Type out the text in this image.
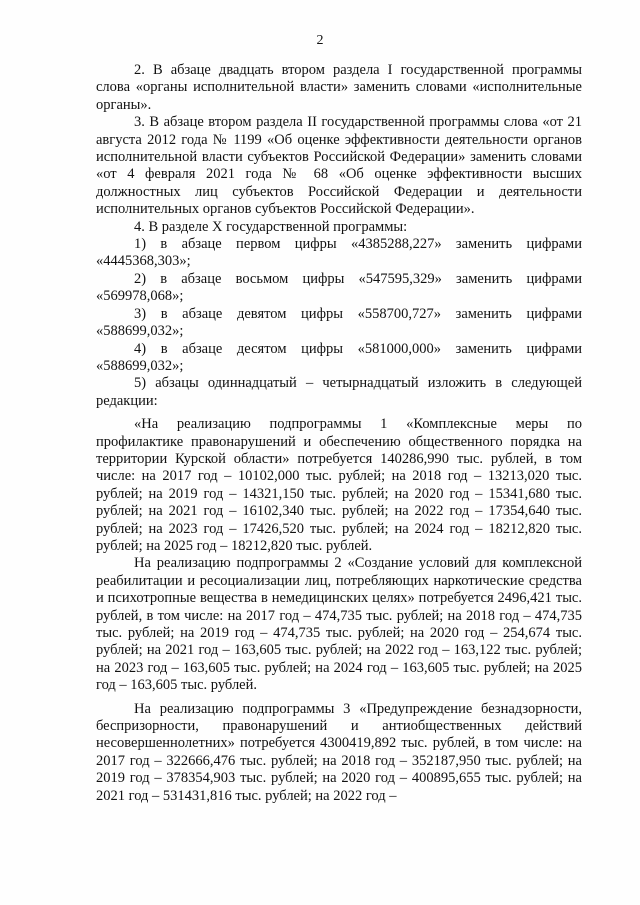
2

2. В абзаце двадцать втором раздела I государственной программы слова «органы исполнительной власти» заменить словами «исполнительные органы».

3. В абзаце втором раздела II государственной программы слова «от 21 августа 2012 года № 1199 «Об оценке эффективности деятельности органов исполнительной власти субъектов Российской Федерации» заменить словами «от 4 февраля 2021 года № 68 «Об оценке эффективности высших должностных лиц субъектов Российской Федерации и деятельности исполнительных органов субъектов Российской Федерации».

4. В разделе X государственной программы:

1) в абзаце первом цифры «4385288,227» заменить цифрами «4445368,303»;

2) в абзаце восьмом цифры «547595,329» заменить цифрами «569978,068»;

3) в абзаце девятом цифры «558700,727» заменить цифрами «588699,032»;

4) в абзаце десятом цифры «581000,000» заменить цифрами «588699,032»;

5) абзацы одиннадцатый – четырнадцатый изложить в следующей редакции:

«На реализацию подпрограммы 1 «Комплексные меры по профилактике правонарушений и обеспечению общественного порядка на территории Курской области» потребуется 140286,990 тыс. рублей, в том числе: на 2017 год – 10102,000 тыс. рублей; на 2018 год – 13213,020 тыс. рублей; на 2019 год – 14321,150 тыс. рублей; на 2020 год – 15341,680 тыс. рублей; на 2021 год – 16102,340 тыс. рублей; на 2022 год – 17354,640 тыс. рублей; на 2023 год – 17426,520 тыс. рублей; на 2024 год – 18212,820 тыс. рублей; на 2025 год – 18212,820 тыс. рублей.

На реализацию подпрограммы 2 «Создание условий для комплексной реабилитации и ресоциализации лиц, потребляющих наркотические средства и психотропные вещества в немедицинских целях» потребуется 2496,421 тыс. рублей, в том числе: на 2017 год – 474,735 тыс. рублей; на 2018 год – 474,735 тыс. рублей; на 2019 год – 474,735 тыс. рублей; на 2020 год – 254,674 тыс. рублей; на 2021 год – 163,605 тыс. рублей; на 2022 год – 163,122 тыс. рублей; на 2023 год – 163,605 тыс. рублей; на 2024 год – 163,605 тыс. рублей; на 2025 год – 163,605 тыс. рублей.

На реализацию подпрограммы 3 «Предупреждение безнадзорности, беспризорности, правонарушений и антиобщественных действий несовершеннолетних» потребуется 4300419,892 тыс. рублей, в том числе: на 2017 год – 322666,476 тыс. рублей; на 2018 год – 352187,950 тыс. рублей; на 2019 год – 378354,903 тыс. рублей; на 2020 год – 400895,655 тыс. рублей; на 2021 год – 531431,816 тыс. рублей; на 2022 год –
